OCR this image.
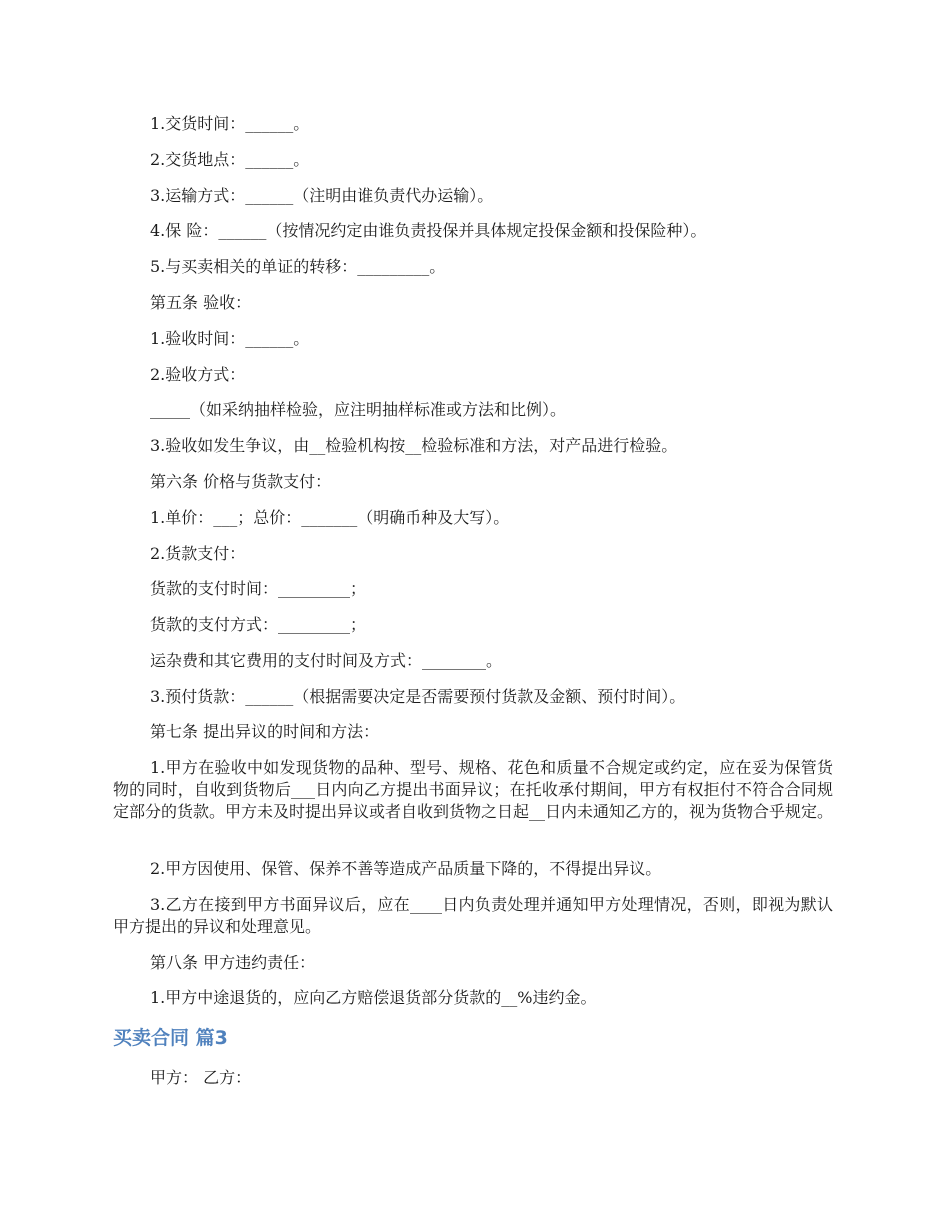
1.交货时间：______。
2.交货地点：______。
3.运输方式：______（注明由谁负责代办运输）。
4.保 险：______（按情况约定由谁负责投保并具体规定投保金额和投保险种）。
5.与买卖相关的单证的转移：_________。
第五条 验收：
1.验收时间：______。
2.验收方式：
_____（如采纳抽样检验，应注明抽样标准或方法和比例）。
3.验收如发生争议，由__检验机构按__检验标准和方法，对产品进行检验。
第六条 价格与货款支付：
1.单价：___；总价：_______（明确币种及大写）。
2.货款支付：
货款的支付时间：_________；
货款的支付方式：_________；
运杂费和其它费用的支付时间及方式：________。
3.预付货款：______（根据需要决定是否需要预付货款及金额、预付时间）。
第七条 提出异议的时间和方法：
1.甲方在验收中如发现货物的品种、型号、规格、花色和质量不合规定或约定，应在妥为保管货物的同时，自收到货物后___日内向乙方提出书面异议；在托收承付期间，甲方有权拒付不符合合同规定部分的货款。甲方未及时提出异议或者自收到货物之日起__日内未通知乙方的，视为货物合乎规定。
2.甲方因使用、保管、保养不善等造成产品质量下降的，不得提出异议。
3.乙方在接到甲方书面异议后，应在____日内负责处理并通知甲方处理情况，否则，即视为默认甲方提出的异议和处理意见。
第八条 甲方违约责任：
1.甲方中途退货的，应向乙方赔偿退货部分货款的__%违约金。
买卖合同 篇3
甲方： 乙方：
